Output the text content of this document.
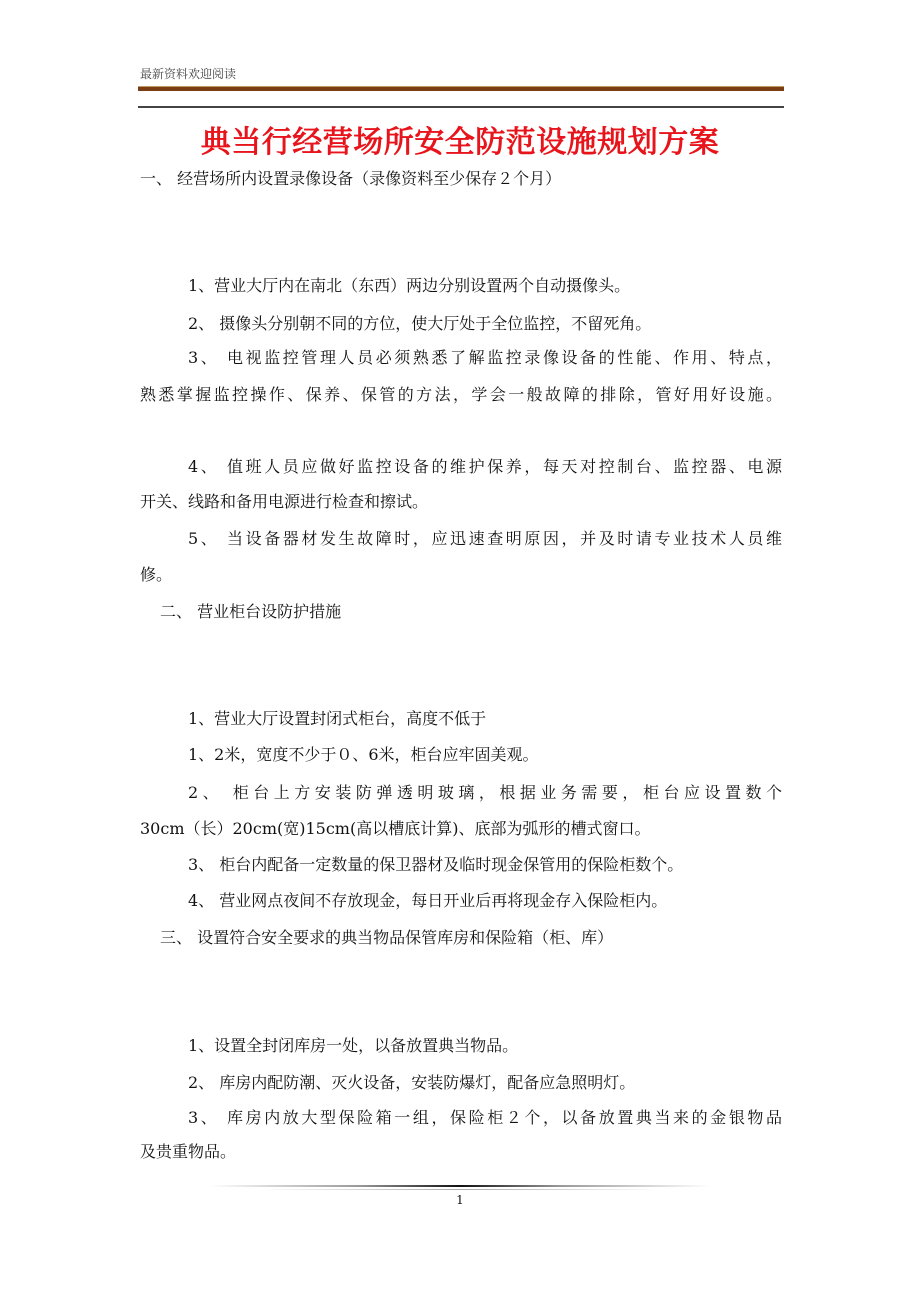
最新资料欢迎阅读
典当行经营场所安全防范设施规划方案
一、 经营场所内设置录像设备（录像资料至少保存２个月）
1、营业大厅内在南北（东西）两边分别设置两个自动摄像头。
2、 摄像头分别朝不同的方位，使大厅处于全位监控，不留死角。
3、 电视监控管理人员必须熟悉了解监控录像设备的性能、作用、特点，
熟悉掌握监控操作、保养、保管的方法，学会一般故障的排除，管好用好设施。
4、 值班人员应做好监控设备的维护保养，每天对控制台、监控器、电源
开关、线路和备用电源进行检查和擦试。
5、 当设备器材发生故障时，应迅速查明原因，并及时请专业技术人员维
修。
二、 营业柜台设防护措施
1、营业大厅设置封闭式柜台，高度不低于
1、2米，宽度不少于０、6米，柜台应牢固美观。
2、 柜台上方安装防弹透明玻璃，根据业务需要，柜台应设置数个
30cm（长）20cm(宽)15cm(高以槽底计算)、底部为弧形的槽式窗口。
3、 柜台内配备一定数量的保卫器材及临时现金保管用的保险柜数个。
4、 营业网点夜间不存放现金，每日开业后再将现金存入保险柜内。
三、 设置符合安全要求的典当物品保管库房和保险箱（柜、库）
1、设置全封闭库房一处，以备放置典当物品。
2、 库房内配防潮、灭火设备，安装防爆灯，配备应急照明灯。
3、 库房内放大型保险箱一组，保险柜２个，以备放置典当来的金银物品
及贵重物品。
1
